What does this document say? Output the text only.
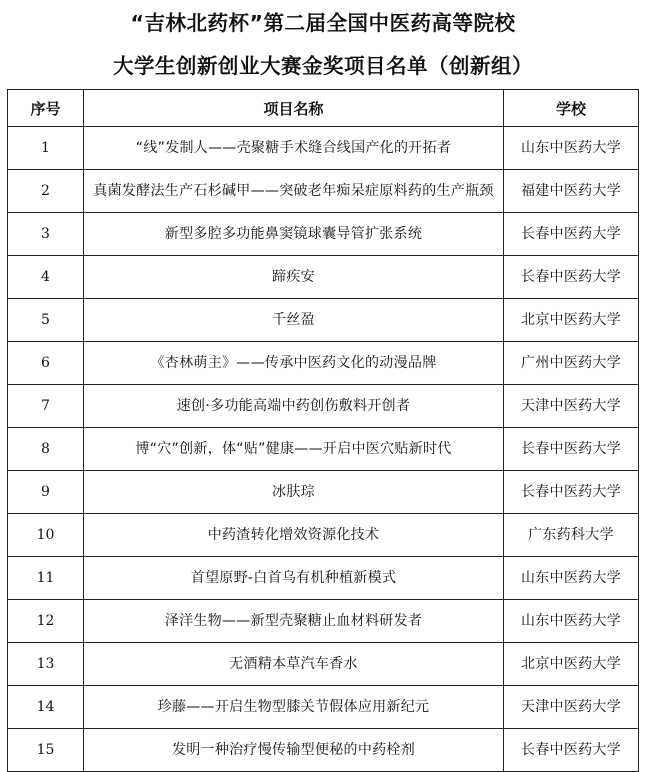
“吉林北药杯”第二届全国中医药高等院校
大学生创新创业大赛金奖项目名单（创新组）
序号	项目名称	学校
1	“线”发制人——壳聚糖手术缝合线国产化的开拓者	山东中医药大学
2	真菌发酵法生产石杉碱甲——突破老年痴呆症原料药的生产瓶颈	福建中医药大学
3	新型多腔多功能鼻窦镜球囊导管扩张系统	长春中医药大学
4	蹄疾安	长春中医药大学
5	千丝盈	北京中医药大学
6	《杏林萌主》——传承中医药文化的动漫品牌	广州中医药大学
7	速创·多功能高端中药创伤敷料开创者	天津中医药大学
8	博“穴”创新，体“贴”健康——开启中医穴贴新时代	长春中医药大学
9	冰肤琮	长春中医药大学
10	中药渣转化增效资源化技术	广东药科大学
11	首望原野-白首乌有机种植新模式	山东中医药大学
12	泽洋生物——新型壳聚糖止血材料研发者	山东中医药大学
13	无酒精本草汽车香水	北京中医药大学
14	珍藤——开启生物型膝关节假体应用新纪元	天津中医药大学
15	发明一种治疗慢传输型便秘的中药栓剂	长春中医药大学
